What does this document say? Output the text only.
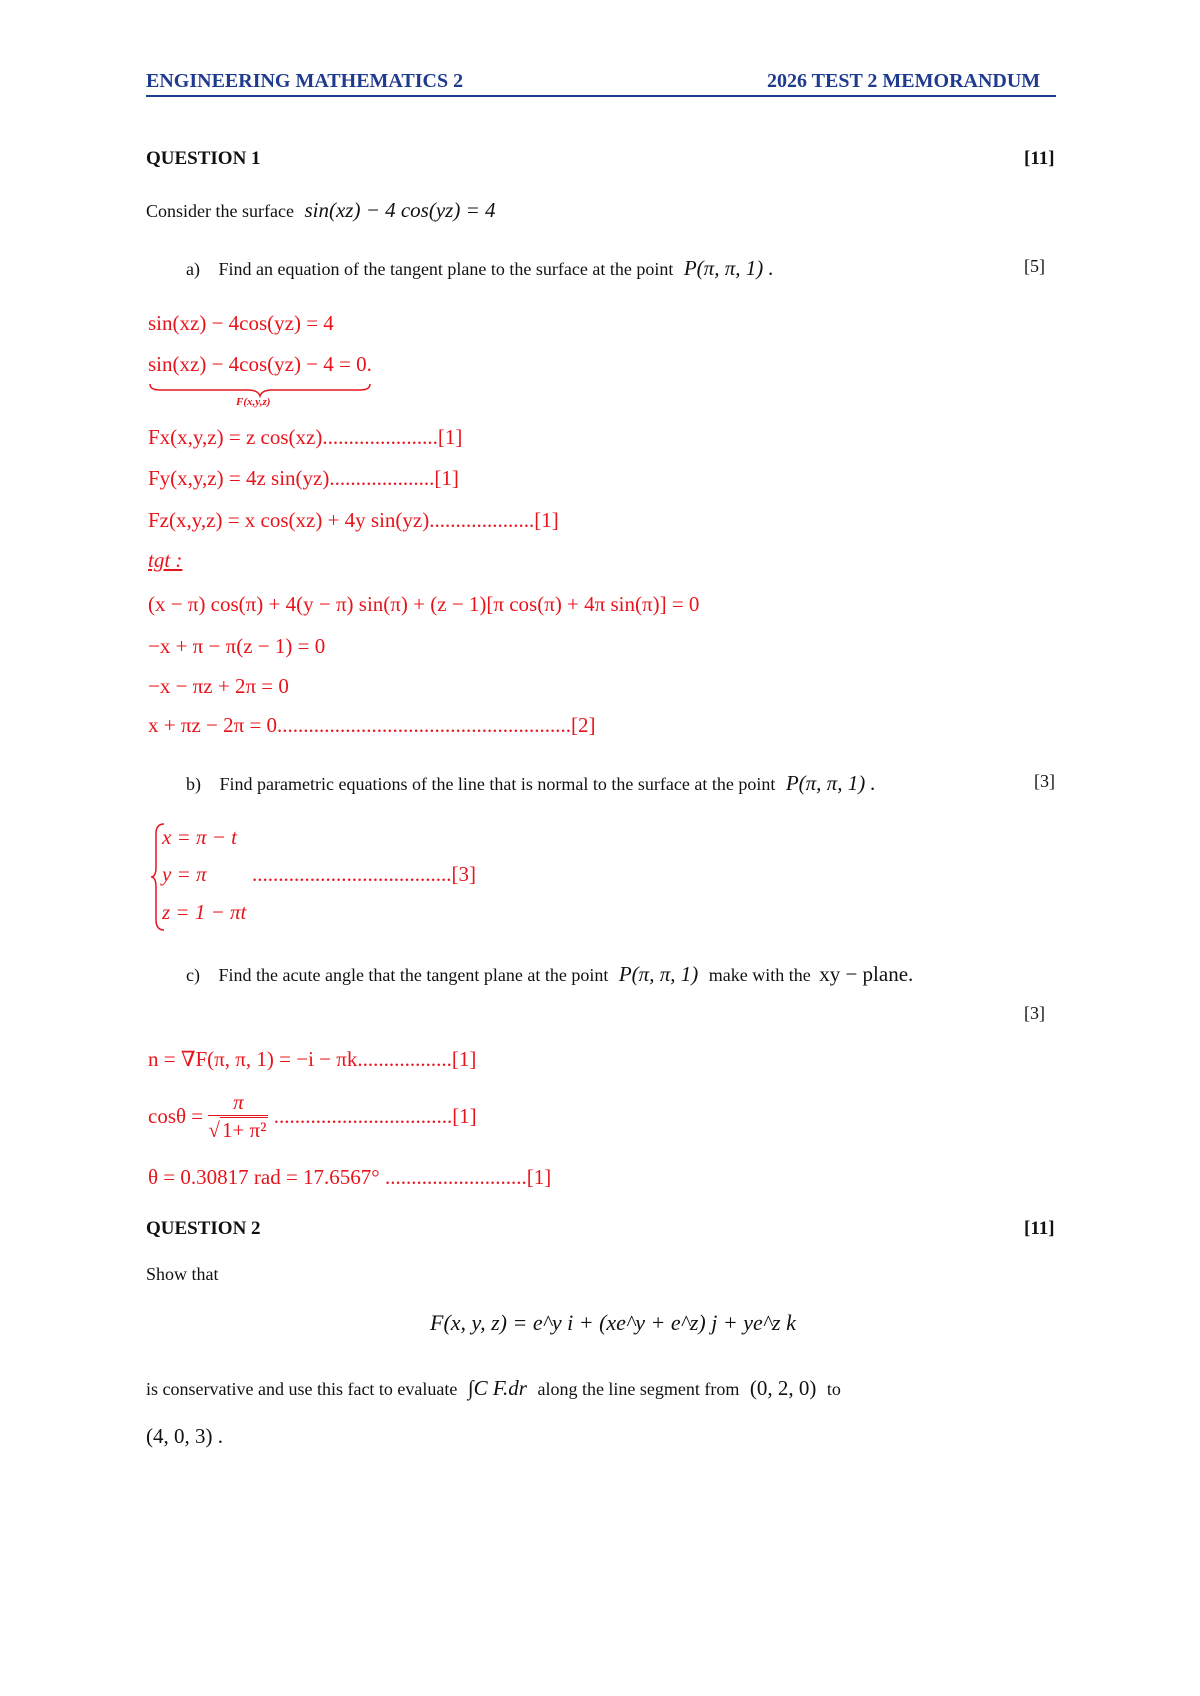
ENGINEERING MATHEMATICS 2	2026 TEST 2 MEMORANDUM
QUESTION 1	[11]
Consider the surface sin(xz) − 4 cos(yz) = 4
a) Find an equation of the tangent plane to the surface at the point P(π, π, 1) .	[5]
sin(xz) − 4cos(yz) = 4
sin(xz) − 4cos(yz) − 4 = 0.
F(x,y,z)
Fx(x,y,z) = z cos(xz)......................[1]
Fy(x,y,z) = 4z sin(yz)....................[1]
Fz(x,y,z) = x cos(xz) + 4y sin(yz)....................[1]
tgt :
(x − π) cos(π) + 4(y − π) sin(π) + (z − 1)[π cos(π) + 4π sin(π)] = 0
−x + π − π(z − 1) = 0
−x − πz + 2π = 0
x + πz − 2π = 0........................................................[2]
b) Find parametric equations of the line that is normal to the surface at the point P(π, π, 1) .	[3]
x = π − t
y = π
z = 1 − πt
......................................[3]
c) Find the acute angle that the tangent plane at the point P(π, π, 1) make with the xy − plane.
[3]
n = ∇F(π, π, 1) = −i − πk..................[1]
$\cos\theta = \frac{\pi}{\text{√1+ π²}} ..................................[1]$
θ = 0.30817 rad = 17.6567° ...........................[1]
QUESTION 2	[11]
Show that
F(x, y, z) = e^y i + (xe^y + e^z) j + ye^z k
is conservative and use this fact to evaluate ∫C F.dr along the line segment from (0, 2, 0) to
(4, 0, 3) .
